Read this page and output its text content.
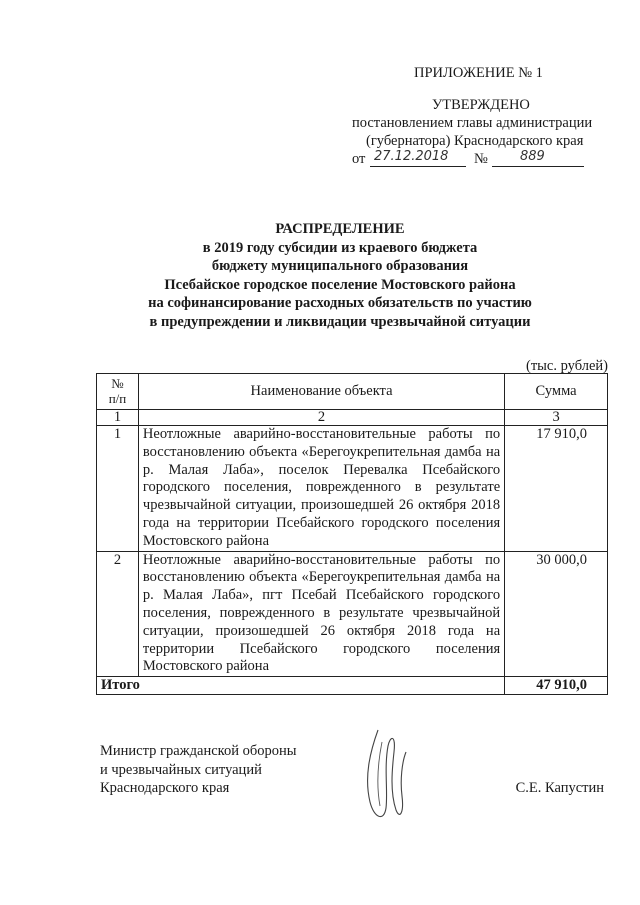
ПРИЛОЖЕНИЕ № 1
УТВЕРЖДЕНО
постановлением главы администрации
(губернатора) Краснодарского края
от 27.12.2018 № 889
РАСПРЕДЕЛЕНИЕ
в 2019 году субсидии из краевого бюджета
бюджету муниципального образования
Псебайское городское поселение Мостовского района
на софинансирование расходных обязательств по участию
в предупреждении и ликвидации чрезвычайной ситуации
(тыс. рублей)
№
п/п	Наименование объекта	Сумма
1	2	3
1	Неотложные аварийно-восстановительные работы по восстановлению объекта «Берегоукрепительная дамба на р. Малая Лаба», поселок Перевалка Псебайского городского поселения, поврежденного в результате чрезвычайной ситуации, произошедшей 26 октября 2018 года на территории Псебайского городского поселения Мостовского района	17 910,0
2	Неотложные аварийно-восстановительные работы по восстановлению объекта «Берегоукрепительная дамба на р. Малая Лаба», пгт Псебай Псебайского городского поселения, поврежденного в результате чрезвычайной ситуации, произошедшей 26 октября 2018 года на территории Псебайского городского поселения Мостовского района	30 000,0
Итого		47 910,0
Министр гражданской обороны
и чрезвычайных ситуаций
Краснодарского края	С.Е. Капустин
